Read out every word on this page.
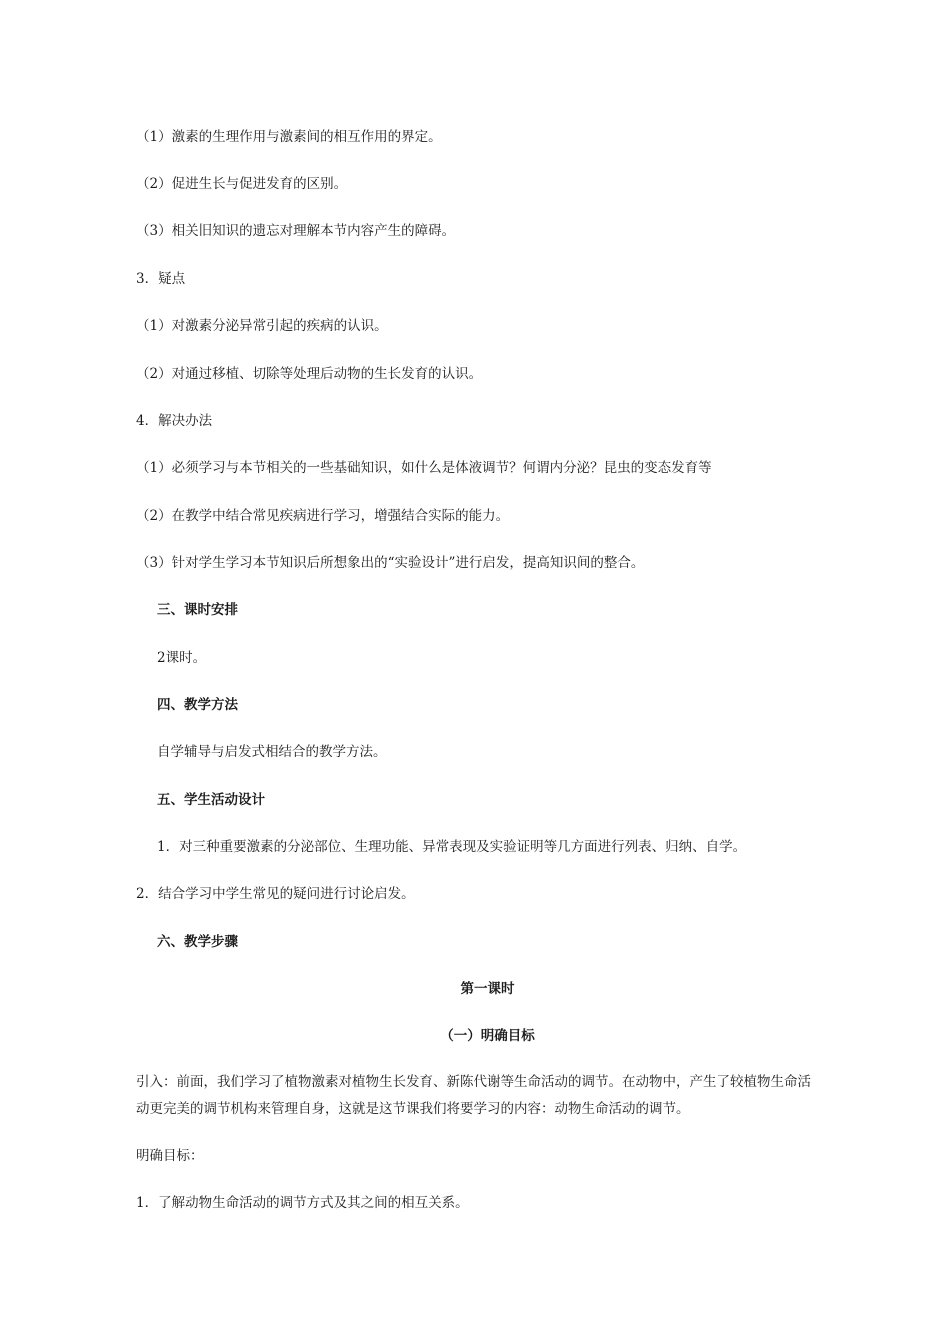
（1）激素的生理作用与激素间的相互作用的界定。
（2）促进生长与促进发育的区别。
（3）相关旧知识的遗忘对理解本节内容产生的障碍。
3．疑点
（1）对激素分泌异常引起的疾病的认识。
（2）对通过移植、切除等处理后动物的生长发育的认识。
4．解决办法
（1）必须学习与本节相关的一些基础知识，如什么是体液调节？何谓内分泌？昆虫的变态发育等
（2）在教学中结合常见疾病进行学习，增强结合实际的能力。
（3）针对学生学习本节知识后所想象出的“实验设计”进行启发，提高知识间的整合。
三、课时安排
2课时。
四、教学方法
自学辅导与启发式相结合的教学方法。
五、学生活动设计
1．对三种重要激素的分泌部位、生理功能、异常表现及实验证明等几方面进行列表、归纳、自学。
2．结合学习中学生常见的疑问进行讨论启发。
六、教学步骤
第一课时
（一）明确目标
引入：前面，我们学习了植物激素对植物生长发育、新陈代谢等生命活动的调节。在动物中，产生了较植物生命活动更完美的调节机构来管理自身，这就是这节课我们将要学习的内容：动物生命活动的调节。
明确目标：
1．了解动物生命活动的调节方式及其之间的相互关系。
